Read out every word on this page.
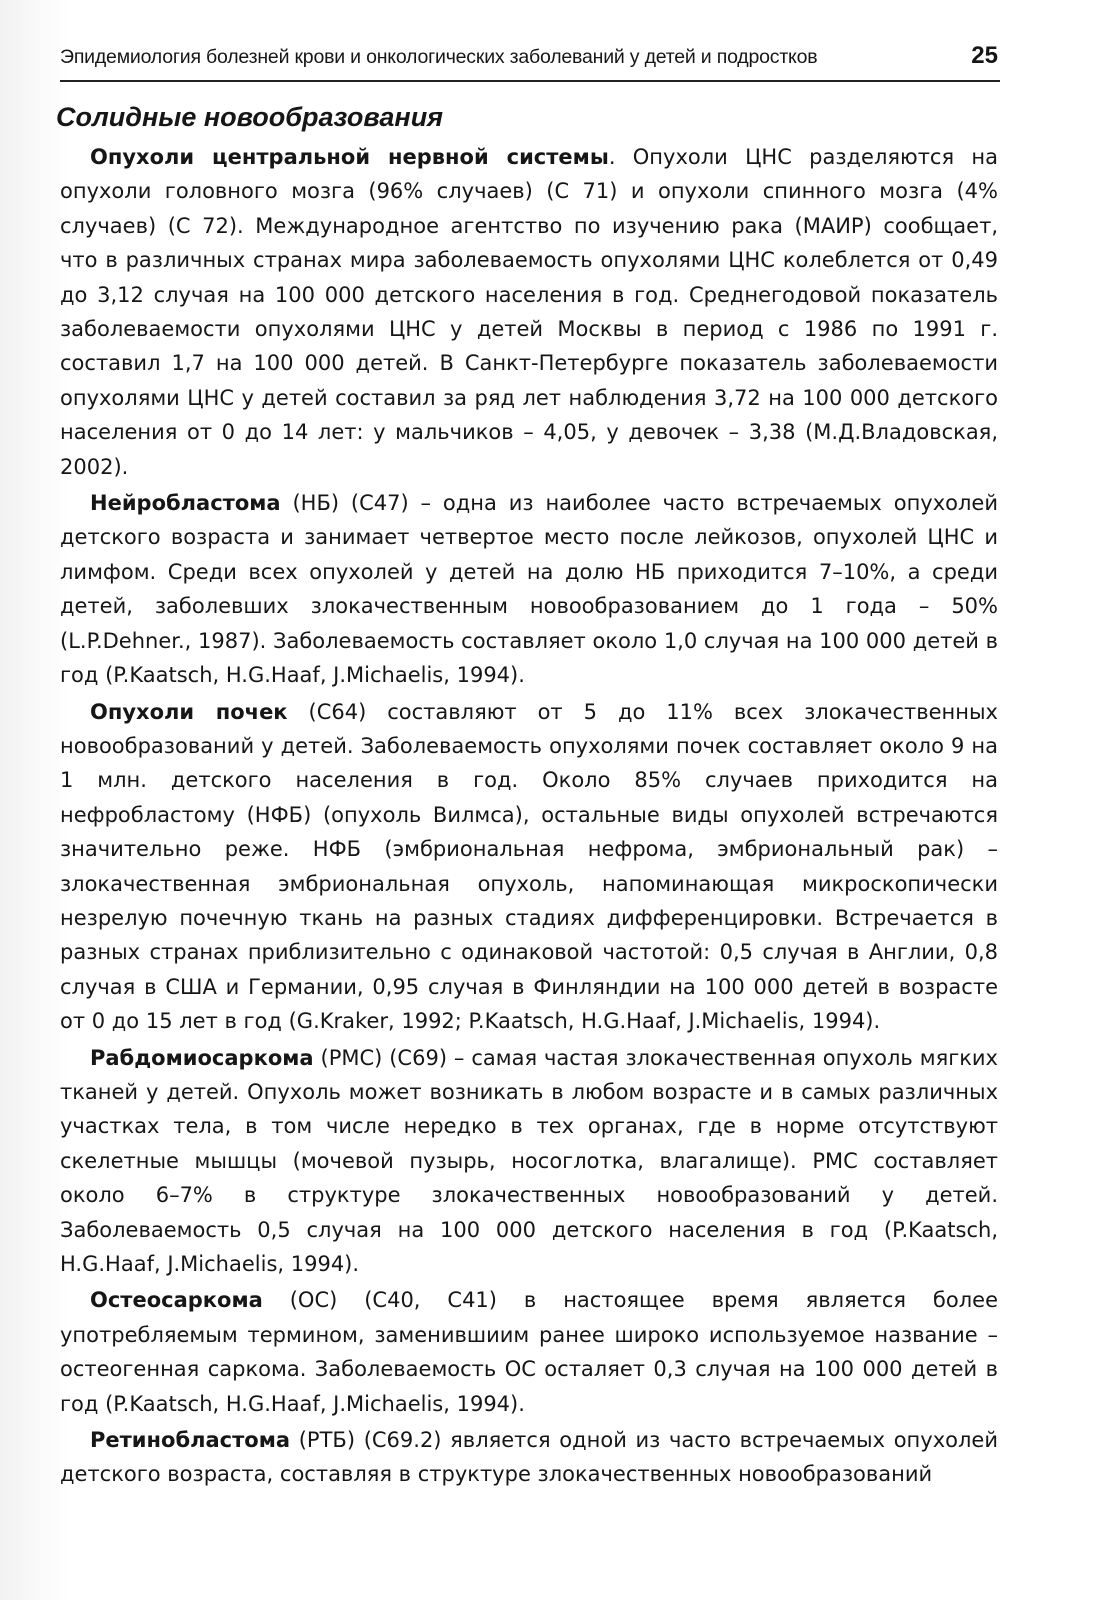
Эпидемиология болезней крови и онкологических заболеваний у детей и подростков	25
Солидные новообразования

Опухоли центральной нервной системы. Опухоли ЦНС разделяются на опухоли головного мозга (96% случаев) (С 71) и опухоли спинного мозга (4% случаев) (С 72). Международное агентство по изучению рака (МАИР) сообщает, что в различных странах мира заболеваемость опухолями ЦНС колеблется от 0,49 до 3,12 случая на 100 000 детского населения в год. Среднегодовой показатель заболеваемости опухолями ЦНС у детей Москвы в период с 1986 по 1991 г. составил 1,7 на 100 000 детей. В Санкт-Петербурге показатель заболеваемости опухолями ЦНС у детей составил за ряд лет наблюдения 3,72 на 100 000 детского населения от 0 до 14 лет: у мальчиков – 4,05, у девочек – 3,38 (М.Д.Владовская, 2002).

Нейробластома (НБ) (С47) – одна из наиболее часто встречаемых опухолей детского возраста и занимает четвертое место после лейкозов, опухолей ЦНС и лимфом. Среди всех опухолей у детей на долю НБ приходится 7–10%, а среди детей, заболевших злокачественным новообразованием до 1 года – 50% (L.P.Dehner., 1987). Заболеваемость составляет около 1,0 случая на 100 000 детей в год (P.Kaatsch, H.G.Haaf, J.Michaelis, 1994).

Опухоли почек (С64) составляют от 5 до 11% всех злокачественных новообразований у детей. Заболеваемость опухолями почек составляет около 9 на 1 млн. детского населения в год. Около 85% случаев приходится на нефробластому (НФБ) (опухоль Вилмса), остальные виды опухолей встречаются значительно реже. НФБ (эмбриональная нефрома, эмбриональный рак) – злокачественная эмбриональная опухоль, напоминающая микроскопически незрелую почечную ткань на разных стадиях дифференцировки. Встречается в разных странах приблизительно с одинаковой частотой: 0,5 случая в Англии, 0,8 случая в США и Германии, 0,95 случая в Финляндии на 100 000 детей в возрасте от 0 до 15 лет в год (G.Kraker, 1992; P.Kaatsch, H.G.Haaf, J.Michaelis, 1994).

Рабдомиосаркома (РМС) (С69) – самая частая злокачественная опухоль мягких тканей у детей. Опухоль может возникать в любом возрасте и в самых различных участках тела, в том числе нередко в тех органах, где в норме отсутствуют скелетные мышцы (мочевой пузырь, носоглотка, влагалище). РМС составляет около 6–7% в структуре злокачественных новообразований у детей. Заболеваемость 0,5 случая на 100 000 детского населения в год (P.Kaatsch, H.G.Haaf, J.Michaelis, 1994).

Остеосаркома (ОС) (С40, С41) в настоящее время является более употребляемым термином, заменившиим ранее широко используемое название – остеогенная саркома. Заболеваемость ОС осталяет 0,3 случая на 100 000 детей в год (P.Kaatsch, H.G.Haaf, J.Michaelis, 1994).

Ретинобластома (РТБ) (С69.2) является одной из часто встречаемых опухолей детского возраста, составляя в структуре злокачественных новообразований
